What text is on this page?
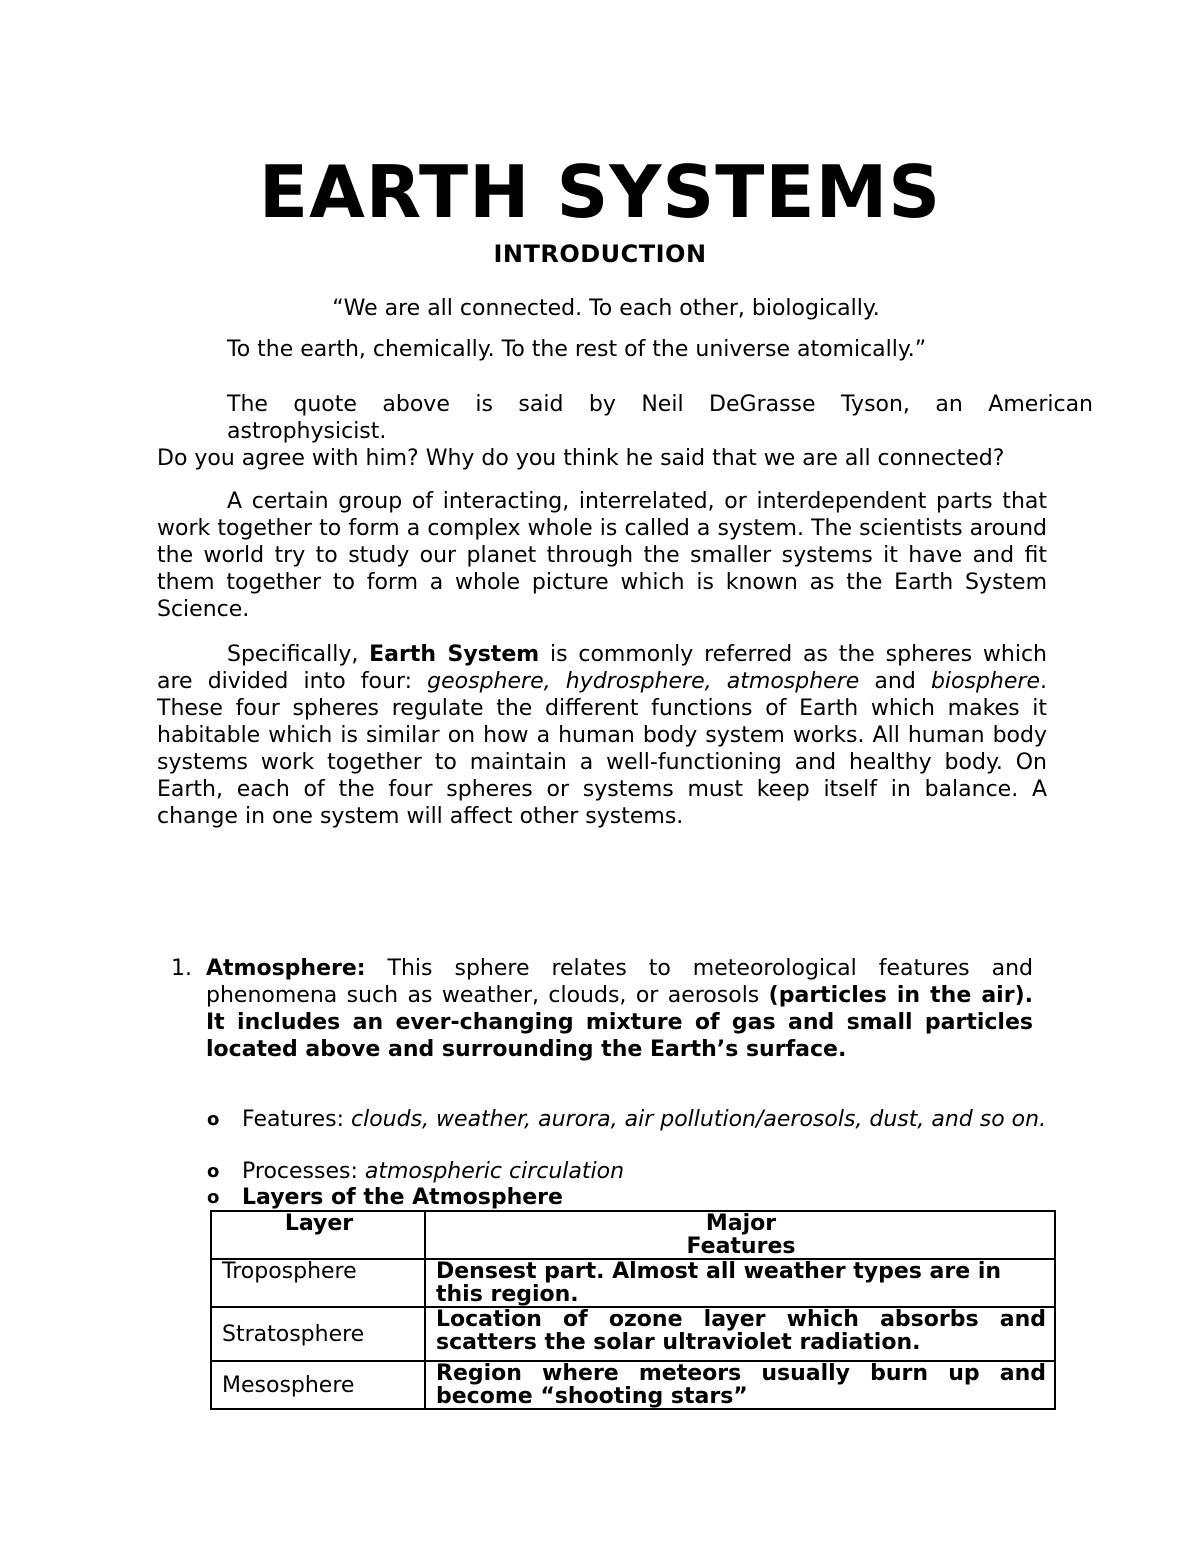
EARTH SYSTEMS
INTRODUCTION
“We are all connected. To each other, biologically.
To the earth, chemically. To the rest of the universe atomically.”
The quote above is said by Neil DeGrasse Tyson, an American
astrophysicist.
Do you agree with him? Why do you think he said that we are all connected?
A certain group of interacting, interrelated, or interdependent parts that work together to form a complex whole is called a system. The scientists around the world try to study our planet through the smaller systems it have and fit them together to form a whole picture which is known as the Earth System Science.
Specifically, Earth System is commonly referred as the spheres which are divided into four: geosphere, hydrosphere, atmosphere and biosphere. These four spheres regulate the different functions of Earth which makes it habitable which is similar on how a human body system works. All human body systems work together to maintain a well-functioning and healthy body. On Earth, each of the four spheres or systems must keep itself in balance. A change in one system will affect other systems.
1. Atmosphere: This sphere relates to meteorological features and phenomena such as weather, clouds, or aerosols (particles in the air). It includes an ever-changing mixture of gas and small particles located above and surrounding the Earth’s surface.
o Features: clouds, weather, aurora, air pollution/aerosols, dust, and so on.
o Processes: atmospheric circulation
o Layers of the Atmosphere
Layer	Major
Features
Troposphere	Densest part. Almost all weather types are in this region.
Stratosphere	Location of ozone layer which absorbs and scatters the solar ultraviolet radiation.
Mesosphere	Region where meteors usually burn up and  become “shooting stars”
